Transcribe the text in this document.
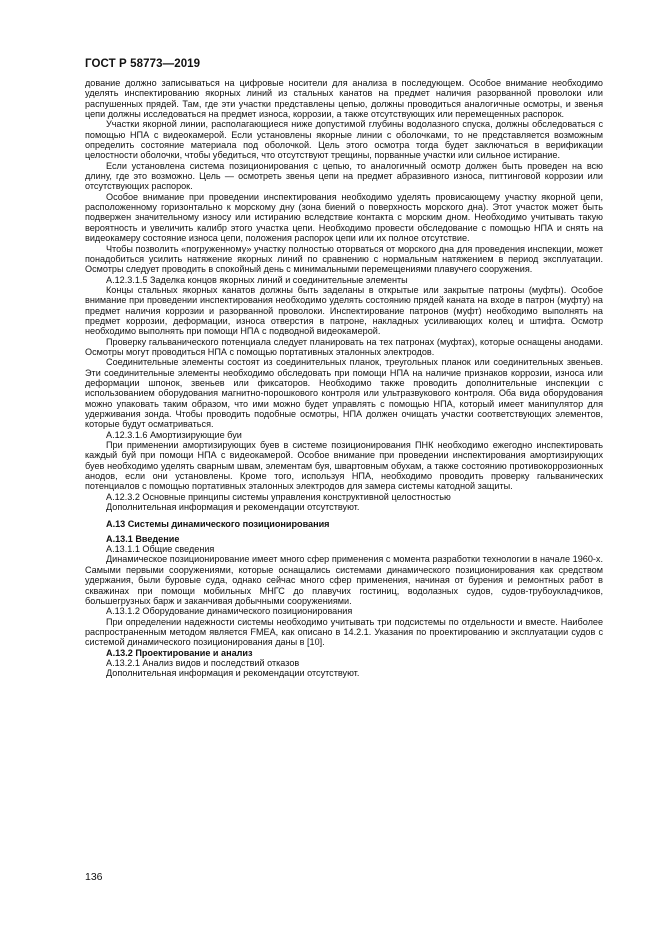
ГОСТ Р 58773—2019

дование должно записываться на цифровые носители для анализа в последующем. Особое внимание необходимо уделять инспектированию якорных линий из стальных канатов на предмет наличия разорванной проволоки или распушенных прядей. Там, где эти участки представлены цепью, должны проводиться аналогичные осмотры, и звенья цепи должны исследоваться на предмет износа, коррозии, а также отсутствующих или перемещенных распорок.

Участки якорной линии, располагающиеся ниже допустимой глубины водолазного спуска, должны обследоваться с помощью НПА с видеокамерой. Если установлены якорные линии с оболочками, то не представляется возможным определить состояние материала под оболочкой. Цель этого осмотра тогда будет заключаться в верификации целостности оболочки, чтобы убедиться, что отсутствуют трещины, порванные участки или сильное истирание.

Если установлена система позиционирования с цепью, то аналогичный осмотр должен быть проведен на всю длину, где это возможно. Цель — осмотреть звенья цепи на предмет абразивного износа, питтинговой коррозии или отсутствующих распорок.

Особое внимание при проведении инспектирования необходимо уделять провисающему участку якорной цепи, расположенному горизонтально к морскому дну (зона биений о поверхность морского дна). Этот участок может быть подвержен значительному износу или истиранию вследствие контакта с морским дном. Необходимо учитывать такую вероятность и увеличить калибр этого участка цепи. Необходимо провести обследование с помощью НПА и снять на видеокамеру состояние износа цепи, положения распорок цепи или их полное отсутствие.

Чтобы позволить «погруженному» участку полностью оторваться от морского дна для проведения инспекции, может понадобиться усилить натяжение якорных линий по сравнению с нормальным натяжением в период эксплуатации. Осмотры следует проводить в спокойный день с минимальными перемещениями плавучего сооружения.

А.12.3.1.5 Заделка концов якорных линий и соединительные элементы

Концы стальных якорных канатов должны быть заделаны в открытые или закрытые патроны (муфты). Особое внимание при проведении инспектирования необходимо уделять состоянию прядей каната на входе в патрон (муфту) на предмет наличия коррозии и разорванной проволоки. Инспектирование патронов (муфт) необходимо выполнять на предмет коррозии, деформации, износа отверстия в патроне, накладных усиливающих колец и штифта. Осмотр необходимо выполнять при помощи НПА с подводной видеокамерой.

Проверку гальванического потенциала следует планировать на тех патронах (муфтах), которые оснащены анодами. Осмотры могут проводиться НПА с помощью портативных эталонных электродов.

Соединительные элементы состоят из соединительных планок, треугольных планок или соединительных звеньев. Эти соединительные элементы необходимо обследовать при помощи НПА на наличие признаков коррозии, износа или деформации шпонок, звеньев или фиксаторов. Необходимо также проводить дополнительные инспекции с использованием оборудования магнитно-порошкового контроля или ультразвукового контроля. Оба вида оборудования можно упаковать таким образом, что ими можно будет управлять с помощью НПА, который имеет манипулятор для удерживания зонда. Чтобы проводить подобные осмотры, НПА должен очищать участки соответствующих элементов, которые будут осматриваться.

А.12.3.1.6 Амортизирующие буи

При применении амортизирующих буев в системе позиционирования ПНК необходимо ежегодно инспектировать каждый буй при помощи НПА с видеокамерой. Особое внимание при проведении инспектирования амортизирующих буев необходимо уделять сварным швам, элементам буя, швартовным обухам, а также состоянию противокоррозионных анодов, если они установлены. Кроме того, используя НПА, необходимо проводить проверку гальванических потенциалов с помощью портативных эталонных электродов для замера системы катодной защиты.

А.12.3.2 Основные принципы системы управления конструктивной целостностью

Дополнительная информация и рекомендации отсутствуют.

А.13 Системы динамического позиционирования

А.13.1 Введение

А.13.1.1 Общие сведения

Динамическое позиционирование имеет много сфер применения с момента разработки технологии в начале 1960-х. Самыми первыми сооружениями, которые оснащались системами динамического позиционирования как средством удержания, были буровые суда, однако сейчас много сфер применения, начиная от бурения и ремонтных работ в скважинах при помощи мобильных МНГС до плавучих гостиниц, водолазных судов, судов-трубоукладчиков, большегрузных барж и заканчивая добычными сооружениями.

А.13.1.2 Оборудование динамического позиционирования

При определении надежности системы необходимо учитывать три подсистемы по отдельности и вместе. Наиболее распространенным методом является FMEA, как описано в 14.2.1. Указания по проектированию и эксплуатации судов с системой динамического позиционирования даны в [10].

А.13.2 Проектирование и анализ

А.13.2.1 Анализ видов и последствий отказов

Дополнительная информация и рекомендации отсутствуют.

136
